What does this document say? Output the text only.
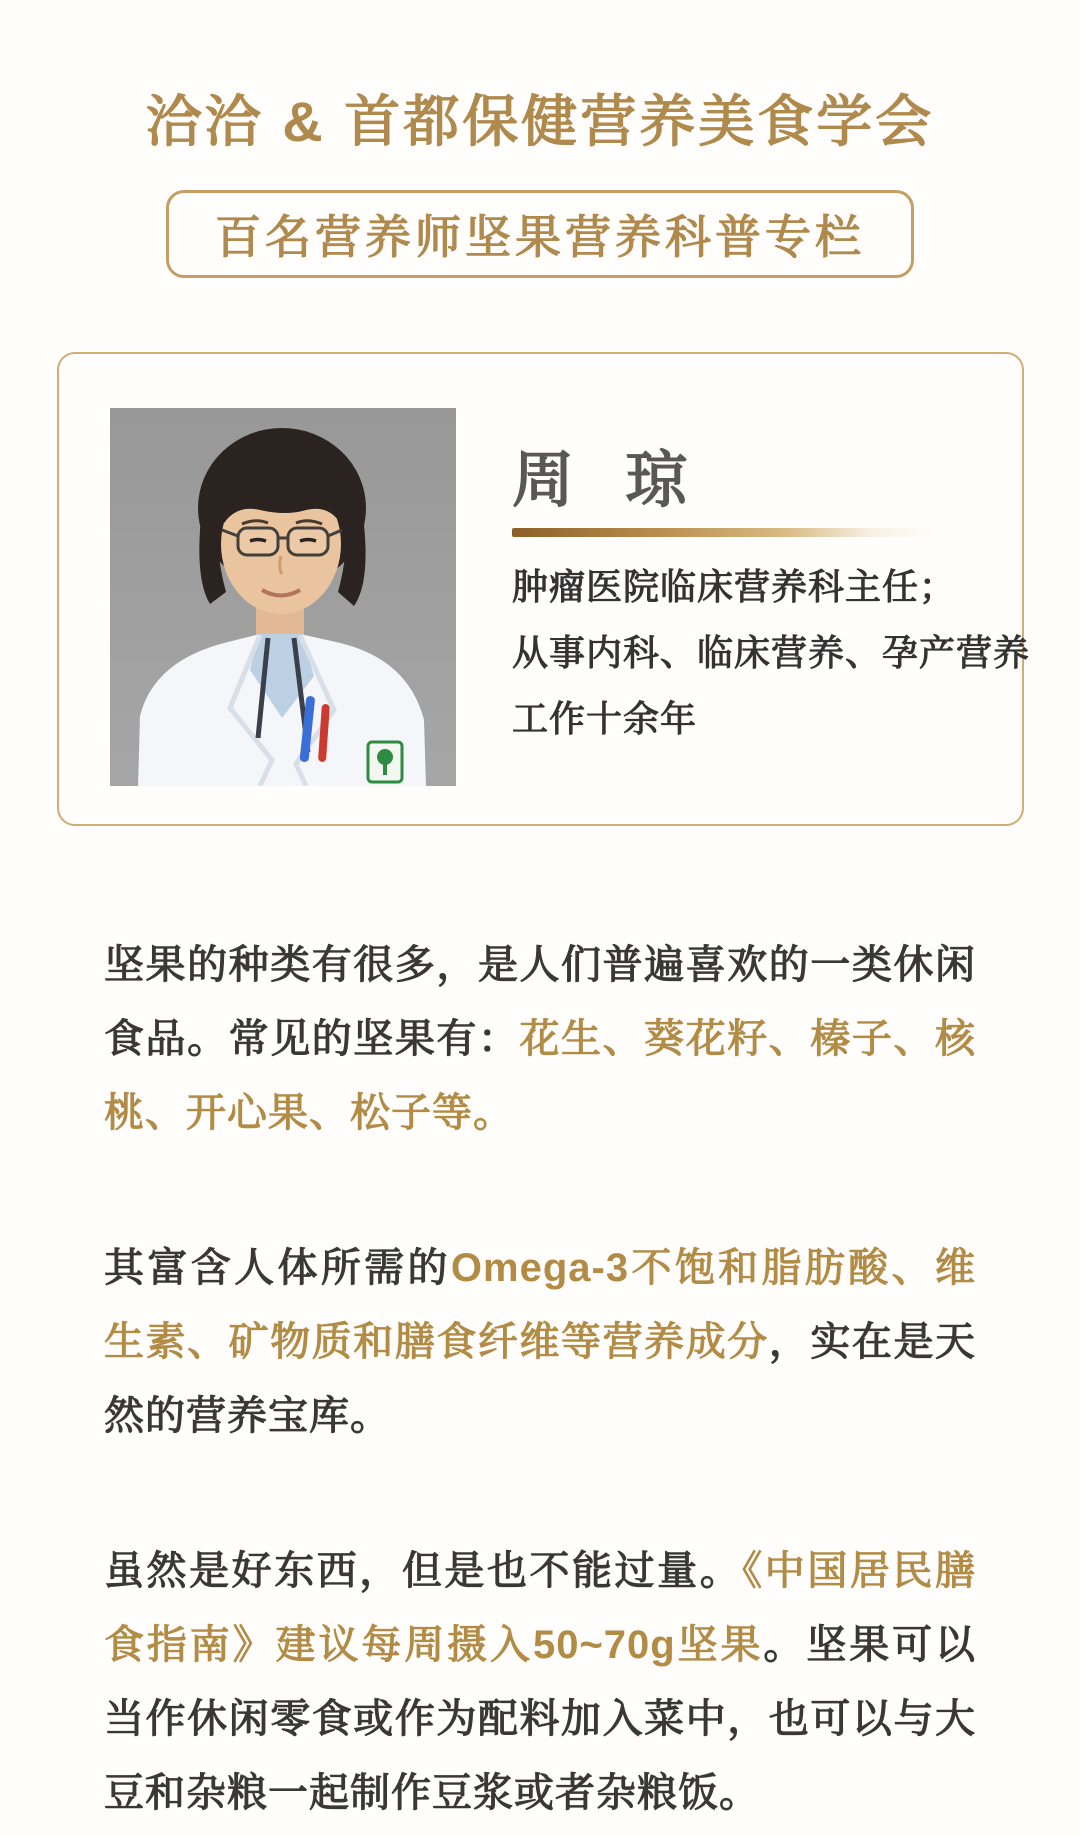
洽洽 & 首都保健营养美食学会
百名营养师坚果营养科普专栏
周 琼
肿瘤医院临床营养科主任；
从事内科、临床营养、孕产营养
工作十余年

坚果的种类有很多，是人们普遍喜欢的一类休闲食品。常见的坚果有：花生、葵花籽、榛子、核桃、开心果、松子等。

其富含人体所需的Omega-3不饱和脂肪酸、维生素、矿物质和膳食纤维等营养成分，实在是天然的营养宝库。

虽然是好东西，但是也不能过量。《中国居民膳食指南》建议每周摄入50~70g坚果。坚果可以当作休闲零食或作为配料加入菜中，也可以与大豆和杂粮一起制作豆浆或者杂粮饭。
